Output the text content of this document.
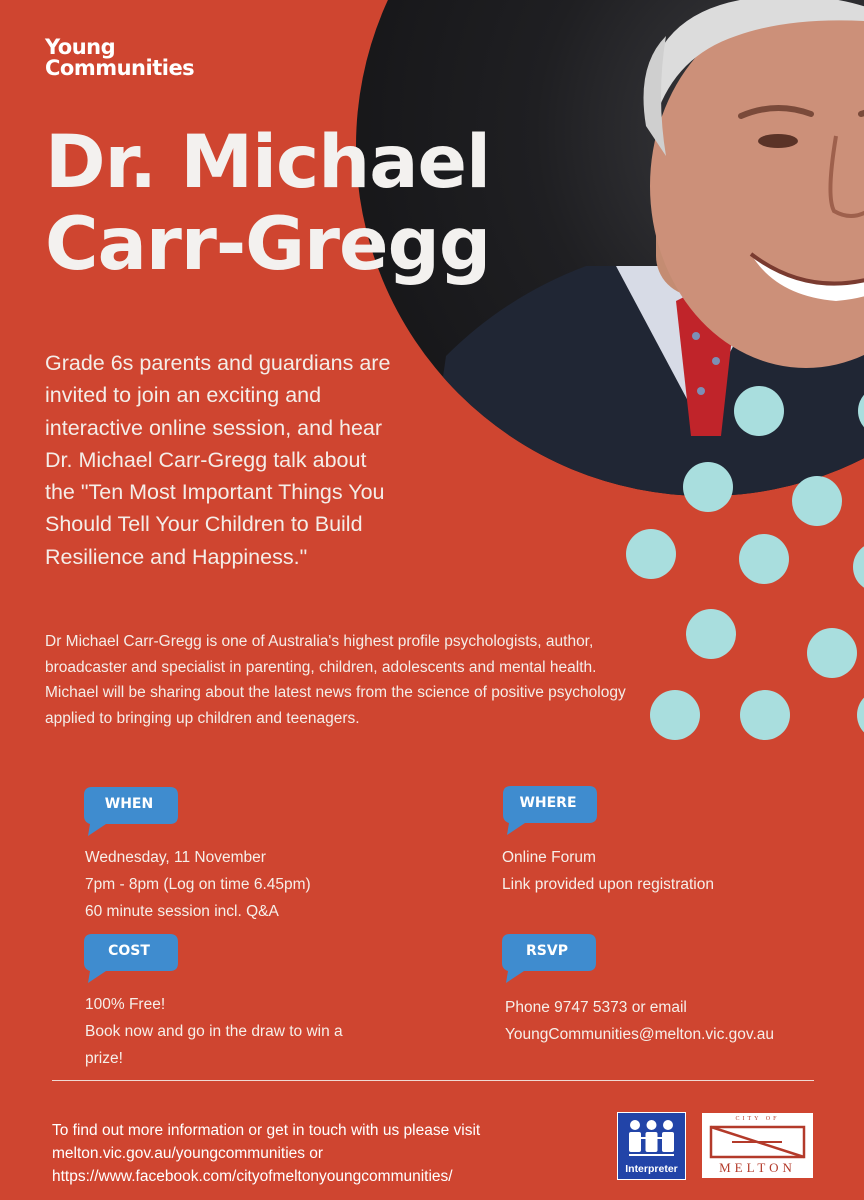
Young
Communities
Dr. Michael
Carr-Gregg
Grade 6s parents and guardians are invited to join an exciting and interactive online session, and hear Dr. Michael Carr-Gregg talk about the "Ten Most Important Things You Should Tell Your Children to Build Resilience and Happiness."
Dr Michael Carr-Gregg is one of Australia's highest profile psychologists, author, broadcaster and specialist in parenting, children, adolescents and mental health. Michael will be sharing about the latest news from the science of positive psychology applied to bringing up children and teenagers.
WHEN
Wednesday, 11 November
7pm - 8pm (Log on time 6.45pm)
60 minute session incl. Q&A
WHERE
Online Forum
Link provided upon registration
COST
100% Free!
Book now and go in the draw to win a
prize!
RSVP
Phone 9747 5373 or email
YoungCommunities@melton.vic.gov.au
To find out more information or get in touch with us please visit
melton.vic.gov.au/youngcommunities or
https://www.facebook.com/cityofmeltonyoungcommunities/	Interpreter
CITY OF
MELTON
